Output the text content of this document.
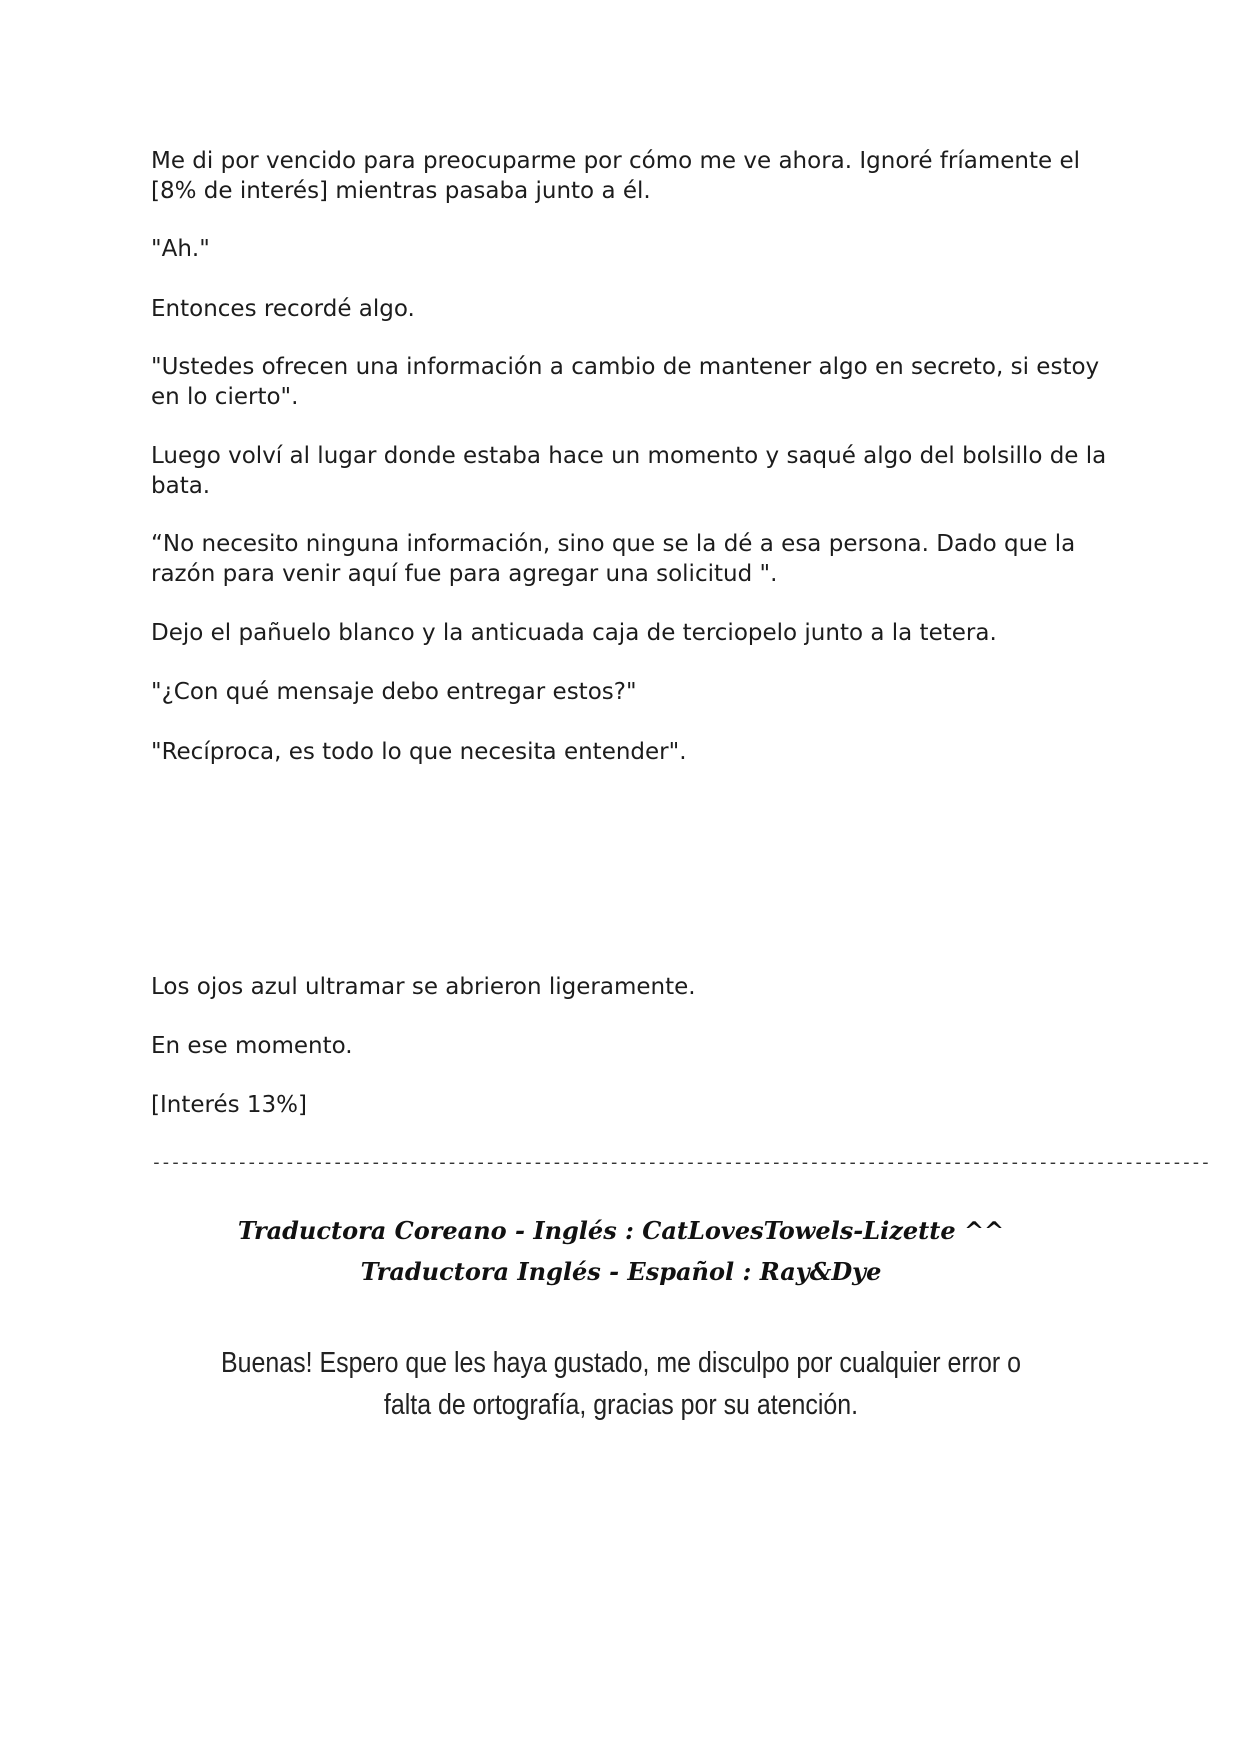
Me di por vencido para preocuparme por cómo me ve ahora. Ignoré fríamente el [8% de interés] mientras pasaba junto a él.

"Ah."

Entonces recordé algo.

"Ustedes ofrecen una información a cambio de mantener algo en secreto, si estoy en lo cierto".

Luego volví al lugar donde estaba hace un momento y saqué algo del bolsillo de la bata.

“No necesito ninguna información, sino que se la dé a esa persona. Dado que la razón para venir aquí fue para agregar una solicitud ".

Dejo el pañuelo blanco y la anticuada caja de terciopelo junto a la tetera.

"¿Con qué mensaje debo entregar estos?"

"Recíproca, es todo lo que necesita entender".

Los ojos azul ultramar se abrieron ligeramente.

En ese momento.

[Interés 13%]

---------------------------------------------------------------------------------------------------------------
Traductora Coreano - Inglés : CatLovesTowels-Lizette ^^
Traductora Inglés - Español : Ray&Dye
Buenas! Espero que les haya gustado, me disculpo por cualquier error o falta de ortografía, gracias por su atención.
